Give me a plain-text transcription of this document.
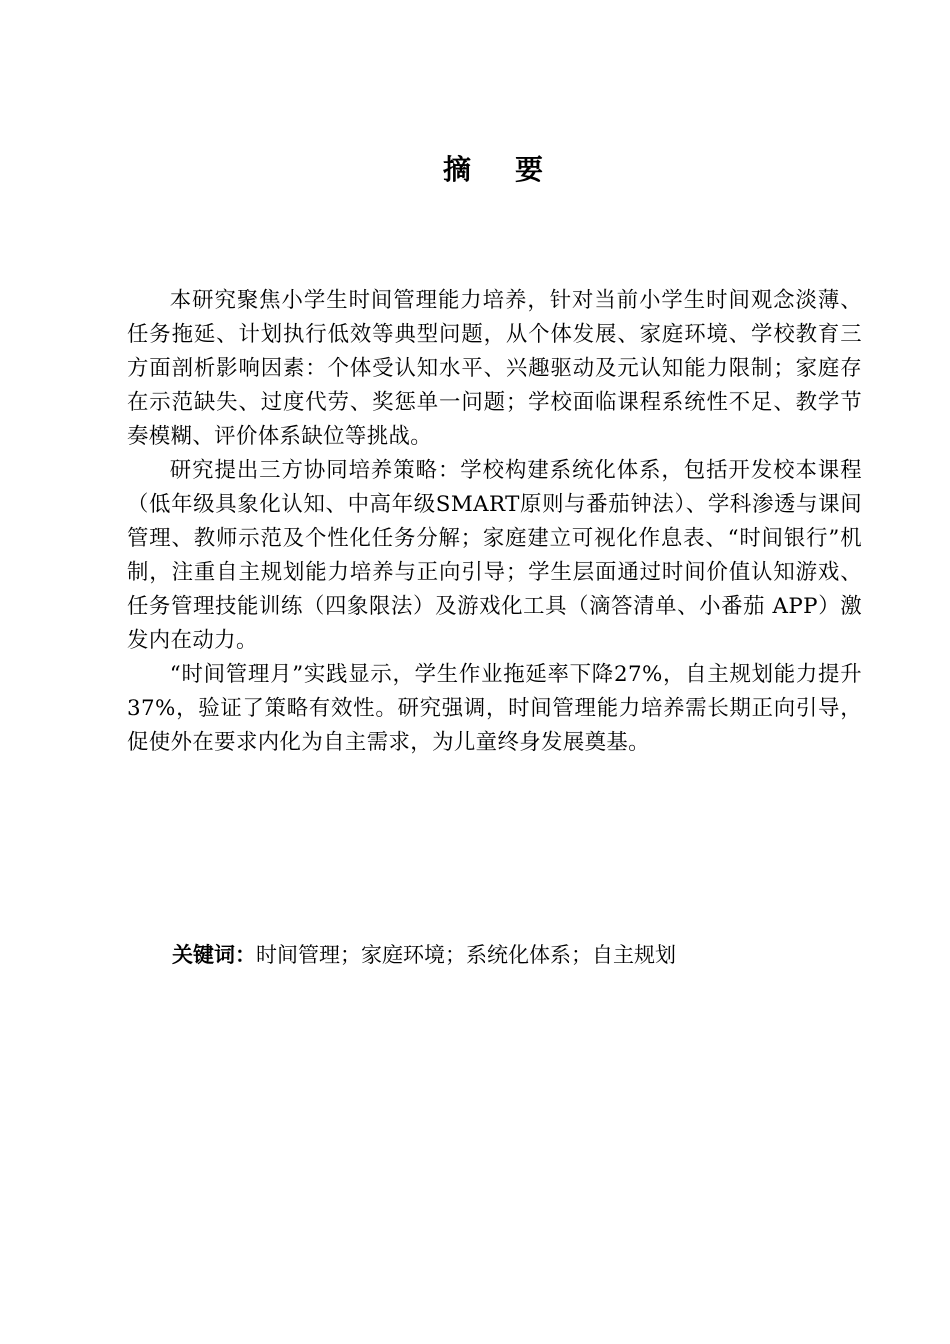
摘 要

本研究聚焦小学生时间管理能力培养，针对当前小学生时间观念淡薄、任务拖延、计划执行低效等典型问题，从个体发展、家庭环境、学校教育三方面剖析影响因素：个体受认知水平、兴趣驱动及元认知能力限制；家庭存在示范缺失、过度代劳、奖惩单一问题；学校面临课程系统性不足、教学节奏模糊、评价体系缺位等挑战。

研究提出三方协同培养策略：学校构建系统化体系，包括开发校本课程（低年级具象化认知、中高年级SMART原则与番茄钟法）、学科渗透与课间管理、教师示范及个性化任务分解；家庭建立可视化作息表、“时间银行”机制，注重自主规划能力培养与正向引导；学生层面通过时间价值认知游戏、任务管理技能训练（四象限法）及游戏化工具（滴答清单、小番茄 APP）激发内在动力。

“时间管理月”实践显示，学生作业拖延率下降27%，自主规划能力提升37%，验证了策略有效性。研究强调，时间管理能力培养需长期正向引导，促使外在要求内化为自主需求，为儿童终身发展奠基。

关键词：时间管理；家庭环境；系统化体系；自主规划
